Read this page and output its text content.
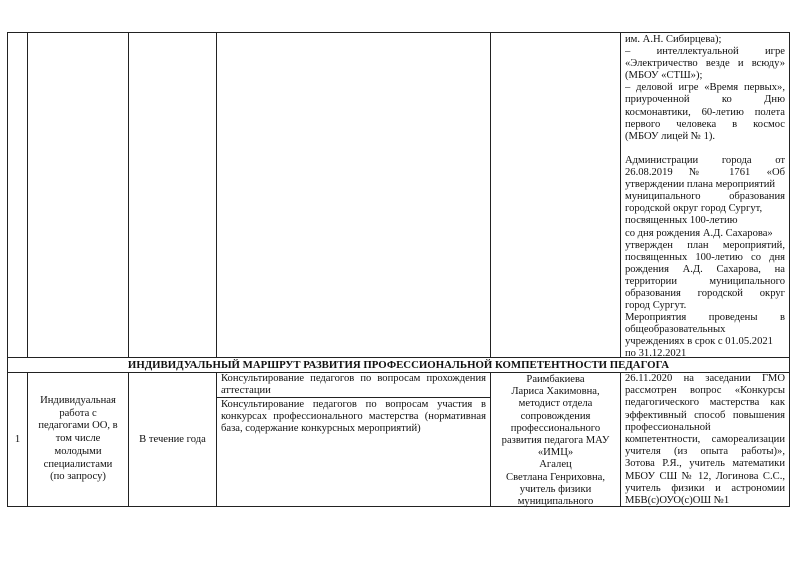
им. А.Н. Сибирцева);
– интеллектуальной игре
«Электричество везде и всюду»
(МБОУ «СТШ»);
– деловой игре «Время первых»,
приуроченной ко Дню
космонавтики, 60-летию полета
первого человека в космос
(МБОУ лицей № 1).

Администрации города от
26.08.2019 № 1761 «Об
утверждении плана мероприятий
муниципального образования
городской округ город Сургут,
посвященных 100-летию
со дня рождения А.Д. Сахарова»
утвержден план мероприятий,
посвященных 100-летию со дня
рождения А.Д. Сахарова, на
территории муниципального
образования городской округ
город Сургут.
Мероприятия проведены в
общеобразовательных
учреждениях в срок с 01.05.2021
по 31.12.2021
ИНДИВИДУАЛЬНЫЙ МАРШРУТ РАЗВИТИЯ ПРОФЕССИОНАЛЬНОЙ КОМПЕТЕНТНОСТИ ПЕДАГОГА
1
Индивидуальная
работа с
педагогами ОО, в
том числе
молодыми
специалистами
(по запросу)
В течение года
Консультирование педагогов по вопросам прохождения
аттестации
Консультирование педагогов по вопросам участия в
конкурсах профессионального мастерства (нормативная
база, содержание конкурсных мероприятий)
Раимбакиева
Лариса Хакимовна,
методист отдела
сопровождения
профессионального
развития педагога МАУ
«ИМЦ»
Агалец
Светлана Генриховна,
учитель физики
муниципального
26.11.2020 на заседании ГМО
рассмотрен вопрос «Конкурсы
педагогического мастерства как
эффективный способ повышения
профессиональной
компетентности, самореализации
учителя (из опыта работы)»,
Зотова Р.Я., учитель математики
МБОУ СШ № 12, Логинова С.С.,
учитель физики и астрономии
МБВ(с)ОУО(с)ОШ №1
